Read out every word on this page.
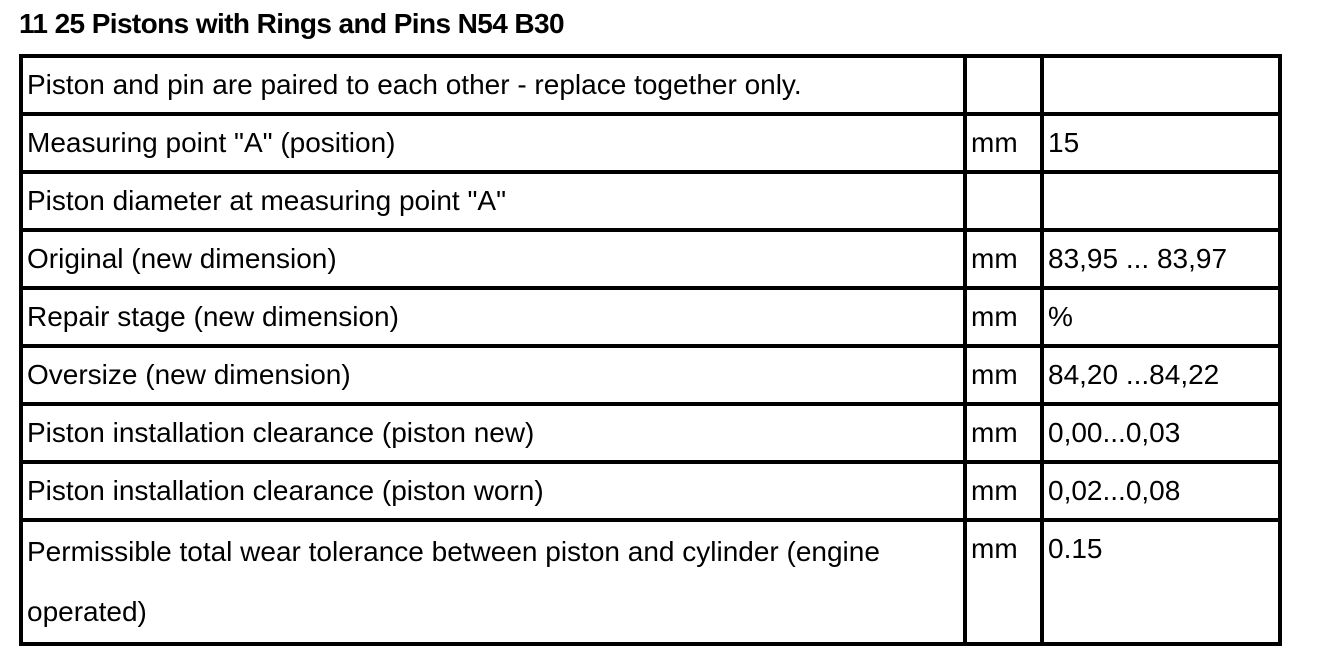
11 25 Pistons with Rings and Pins N54 B30
Piston and pin are paired to each other - replace together only.		
Measuring point "A" (position)	mm	15
Piston diameter at measuring point "A"		
Original (new dimension)	mm	83,95 ... 83,97
Repair stage (new dimension)	mm	%
Oversize (new dimension)	mm	84,20 ...84,22
Piston installation clearance (piston new)	mm	0,00...0,03
Piston installation clearance (piston worn)	mm	0,02...0,08
Permissible total wear tolerance between piston and cylinder (engine operated)	mm	0.15
